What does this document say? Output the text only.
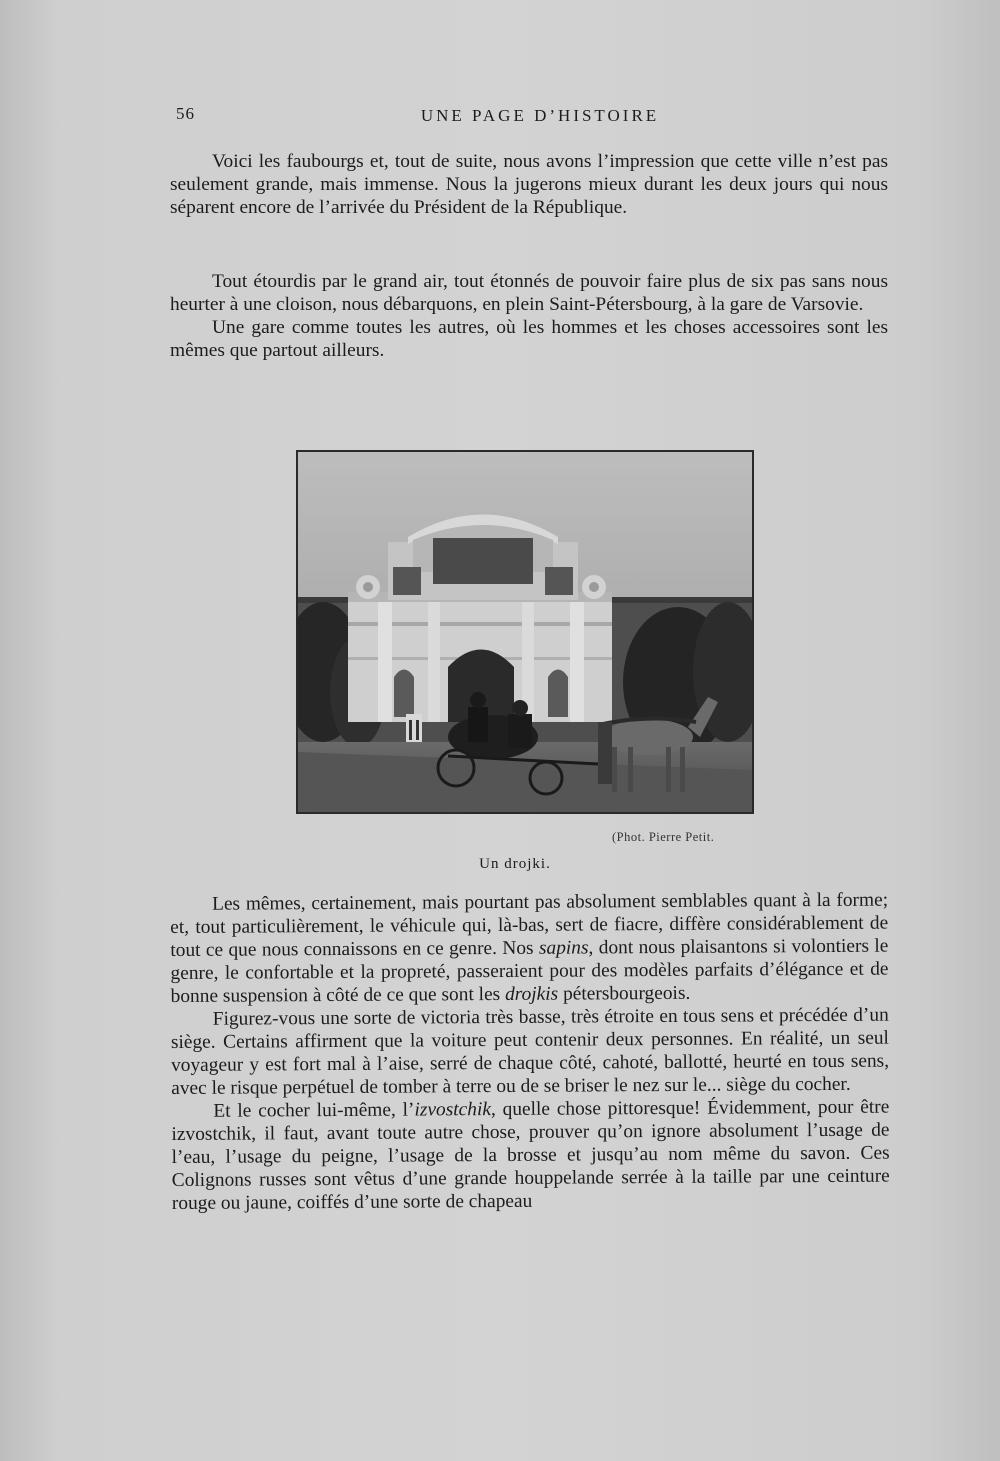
56	UNE PAGE D’HISTOIRE

Voici les faubourgs et, tout de suite, nous avons l’impression que cette ville n’est pas seulement grande, mais immense. Nous la jugerons mieux durant les deux jours qui nous séparent encore de l’arrivée du Président de la République.

Tout étourdis par le grand air, tout étonnés de pouvoir faire plus de six pas sans nous heurter à une cloison, nous débarquons, en plein Saint-Pétersbourg, à la gare de Varsovie.

Une gare comme toutes les autres, où les hommes et les choses accessoires sont les mêmes que partout ailleurs.

(Phot. Pierre Petit.
Un drojki.

Les mêmes, certainement, mais pourtant pas absolument semblables quant à la forme; et, tout particulièrement, le véhicule qui, là-bas, sert de fiacre, diffère considérablement de tout ce que nous connaissons en ce genre. Nos sapins, dont nous plaisantons si volontiers le genre, le confortable et la propreté, passeraient pour des modèles parfaits d’élégance et de bonne suspension à côté de ce que sont les drojkis pétersbourgeois.

Figurez-vous une sorte de victoria très basse, très étroite en tous sens et précédée d’un siège. Certains affirment que la voiture peut contenir deux personnes. En réalité, un seul voyageur y est fort mal à l’aise, serré de chaque côté, cahoté, ballotté, heurté en tous sens, avec le risque perpétuel de tomber à terre ou de se briser le nez sur le... siège du cocher.

Et le cocher lui-même, l’izvostchik, quelle chose pittoresque! Évidemment, pour être izvostchik, il faut, avant toute autre chose, prouver qu’on ignore absolument l’usage de l’eau, l’usage du peigne, l’usage de la brosse et jusqu’au nom même du savon. Ces Colignons russes sont vêtus d’une grande houppelande serrée à la taille par une ceinture rouge ou jaune, coiffés d’une sorte de chapeau
